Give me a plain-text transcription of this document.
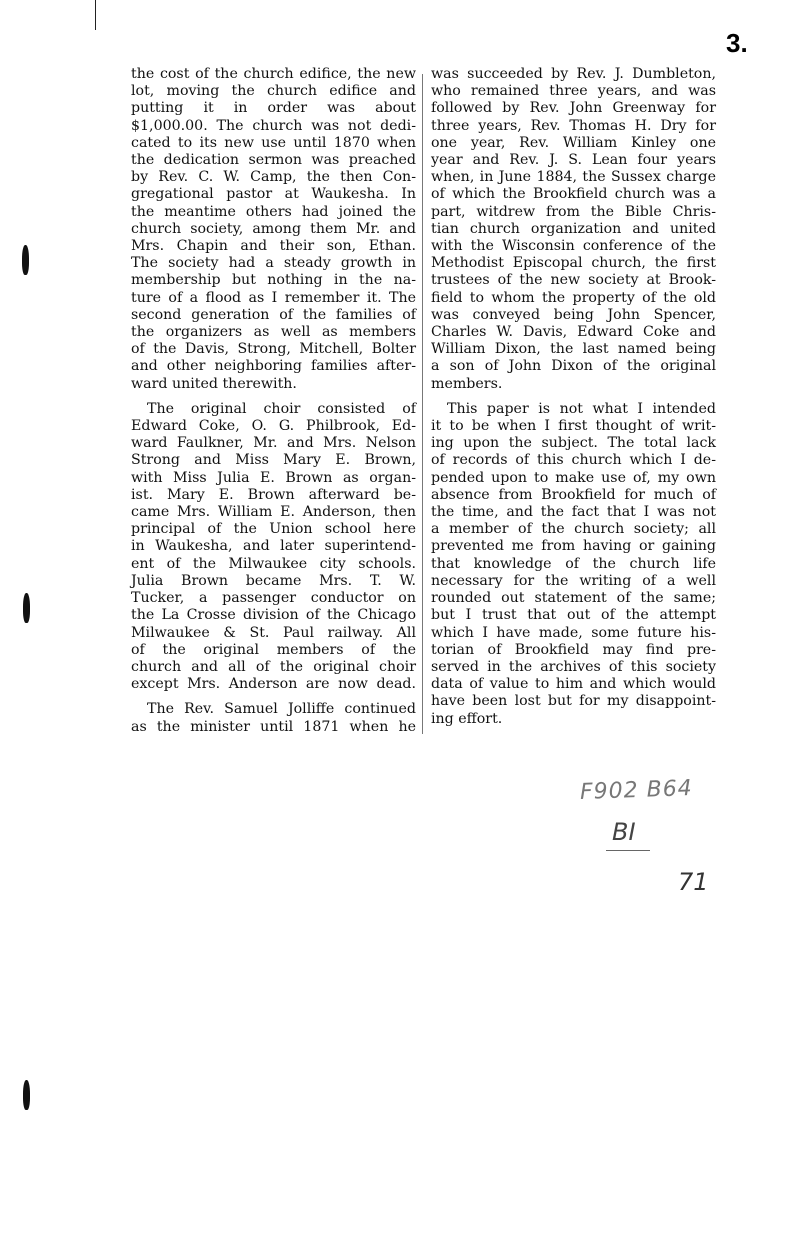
3.
the cost of the church edifice, the new
lot, moving the church edifice and
putting it in order was about
$1,000.00. The church was not dedi-
cated to its new use until 1870 when
the dedication sermon was preached
by Rev. C. W. Camp, the then Con-
gregational pastor at Waukesha. In
the meantime others had joined the
church society, among them Mr. and
Mrs. Chapin and their son, Ethan.
The society had a steady growth in
membership but nothing in the na-
ture of a flood as I remember it. The
second generation of the families of
the organizers as well as members
of the Davis, Strong, Mitchell, Bolter
and other neighboring families after-
ward united therewith.
The original choir consisted of
Edward Coke, O. G. Philbrook, Ed-
ward Faulkner, Mr. and Mrs. Nelson
Strong and Miss Mary E. Brown,
with Miss Julia E. Brown as organ-
ist. Mary E. Brown afterward be-
came Mrs. William E. Anderson, then
principal of the Union school here
in Waukesha, and later superintend-
ent of the Milwaukee city schools.
Julia Brown became Mrs. T. W.
Tucker, a passenger conductor on
the La Crosse division of the Chicago
Milwaukee & St. Paul railway. All
of the original members of the
church and all of the original choir
except Mrs. Anderson are now dead.
The Rev. Samuel Jolliffe continued
as the minister until 1871 when he
was succeeded by Rev. J. Dumbleton,
who remained three years, and was
followed by Rev. John Greenway for
three years, Rev. Thomas H. Dry for
one year, Rev. William Kinley one
year and Rev. J. S. Lean four years
when, in June 1884, the Sussex charge
of which the Brookfield church was a
part, witdrew from the Bible Chris-
tian church organization and united
with the Wisconsin conference of the
Methodist Episcopal church, the first
trustees of the new society at Brook-
field to whom the property of the old
was conveyed being John Spencer,
Charles W. Davis, Edward Coke and
William Dixon, the last named being
a son of John Dixon of the original
members.
This paper is not what I intended
it to be when I first thought of writ-
ing upon the subject. The total lack
of records of this church which I de-
pended upon to make use of, my own
absence from Brookfield for much of
the time, and the fact that I was not
a member of the church society; all
prevented me from having or gaining
that knowledge of the church life
necessary for the writing of a well
rounded out statement of the same;
but I trust that out of the attempt
which I have made, some future his-
torian of Brookfield may find pre-
served in the archives of this society
data of value to him and which would
have been lost but for my disappoint-
ing effort.
F902 B64
BI
71
